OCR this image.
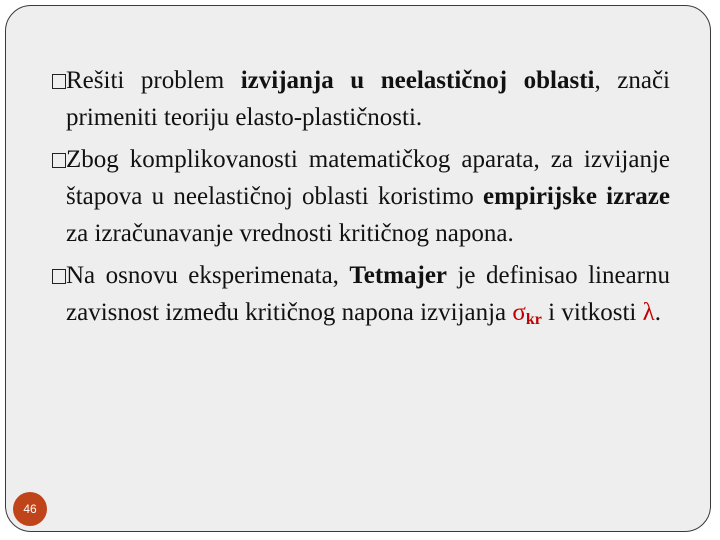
Rešiti problem izvijanja u neelastičnoj oblasti, znači primeniti teoriju elasto-plastičnosti.

Zbog komplikovanosti matematičkog aparata, za izvijanje štapova u neelastičnoj oblasti koristimo empirijske izraze za izračunavanje vrednosti kritičnog napona.

Na osnovu eksperimenata, Tetmajer je definisao linearnu zavisnost između kritičnog napona izvijanja $\sigma_{kr}$ i vitkosti λ.

46
